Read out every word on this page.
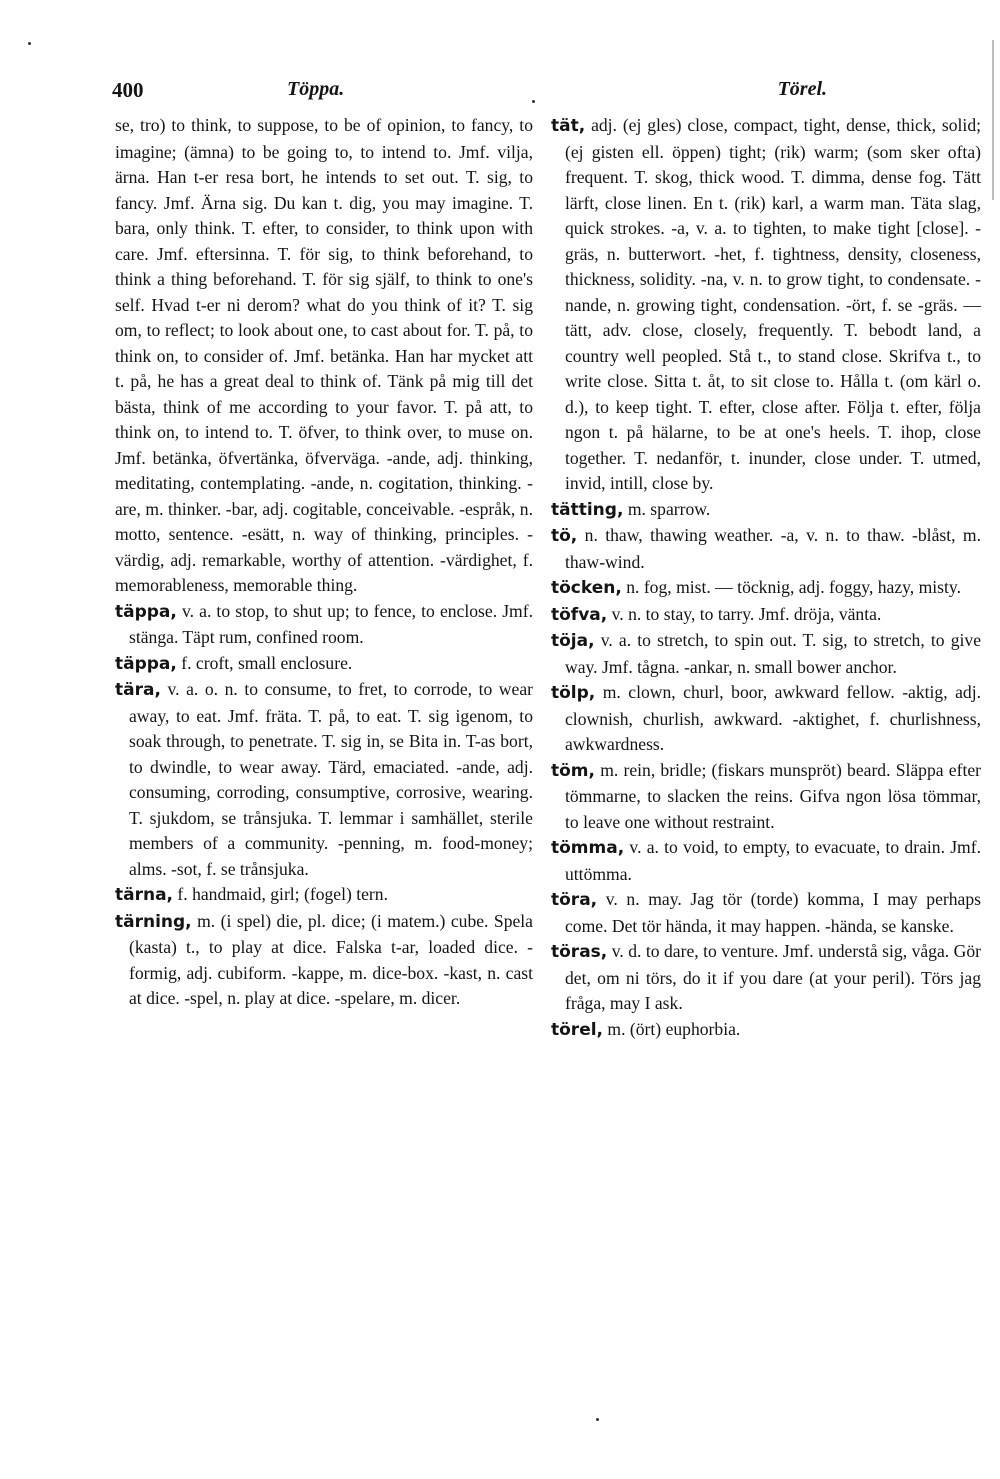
400	Töppa.	Törel.

se, tro) to think, to suppose, to be of opinion, to fancy, to imagine; (ämna) to be going to, to intend to. Jmf. vilja, ärna. Han t-er resa bort, he intends to set out. T. sig, to fancy. Jmf. Ärna sig. Du kan t. dig, you may imagine. T. bara, only think. T. efter, to consider, to think upon with care. Jmf. eftersinna. T. för sig, to think beforehand, to think a thing beforehand. T. för sig själf, to think to one's self. Hvad t-er ni derom? what do you think of it? T. sig om, to reflect; to look about one, to cast about for. T. på, to think on, to consider of. Jmf. betänka. Han har mycket att t. på, he has a great deal to think of. Tänk på mig till det bästa, think of me according to your favor. T. på att, to think on, to intend to. T. öfver, to think over, to muse on. Jmf. betänka, öfvertänka, öfverväga. -ande, adj. thinking, meditating, contemplating. -ande, n. cogitation, thinking. -are, m. thinker. -bar, adj. cogitable, conceivable. -espråk, n. motto, sentence. -esätt, n. way of thinking, principles. -värdig, adj. remarkable, worthy of attention. -värdighet, f. memorableness, memorable thing.

täppa, v. a. to stop, to shut up; to fence, to enclose. Jmf. stänga. Täpt rum, confined room.

täppa, f. croft, small enclosure.

tära, v. a. o. n. to consume, to fret, to corrode, to wear away, to eat. Jmf. fräta. T. på, to eat. T. sig igenom, to soak through, to penetrate. T. sig in, se Bita in. T-as bort, to dwindle, to wear away. Tärd, emaciated. -ande, adj. consuming, corroding, consumptive, corrosive, wearing. T. sjukdom, se trånsjuka. T. lemmar i samhället, sterile members of a community. -penning, m. food-money; alms. -sot, f. se trånsjuka.

tärna, f. handmaid, girl; (fogel) tern.

tärning, m. (i spel) die, pl. dice; (i matem.) cube. Spela (kasta) t., to play at dice. Falska t-ar, loaded dice. -formig, adj. cubiform. -kappe, m. dice-box. -kast, n. cast at dice. -spel, n. play at dice. -spelare, m. dicer.

tät, adj. (ej gles) close, compact, tight, dense, thick, solid; (ej gisten ell. öppen) tight; (rik) warm; (som sker ofta) frequent. T. skog, thick wood. T. dimma, dense fog. Tätt lärft, close linen. En t. (rik) karl, a warm man. Täta slag, quick strokes. -a, v. a. to tighten, to make tight [close]. -gräs, n. butterwort. -het, f. tightness, density, closeness, thickness, solidity. -na, v. n. to grow tight, to condensate. -nande, n. growing tight, condensation. -ört, f. se -gräs. — tätt, adv. close, closely, frequently. T. bebodt land, a country well peopled. Stå t., to stand close. Skrifva t., to write close. Sitta t. åt, to sit close to. Hålla t. (om kärl o. d.), to keep tight. T. efter, close after. Följa t. efter, följa ngon t. på hälarne, to be at one's heels. T. ihop, close together. T. nedanför, t. inunder, close under. T. utmed, invid, intill, close by.

tätting, m. sparrow.

tö, n. thaw, thawing weather. -a, v. n. to thaw. -blåst, m. thaw-wind.

töcken, n. fog, mist. — töcknig, adj. foggy, hazy, misty.

töfva, v. n. to stay, to tarry. Jmf. dröja, vänta.

töja, v. a. to stretch, to spin out. T. sig, to stretch, to give way. Jmf. tågna. -ankar, n. small bower anchor.

tölp, m. clown, churl, boor, awkward fellow. -aktig, adj. clownish, churlish, awkward. -aktighet, f. churlishness, awkwardness.

töm, m. rein, bridle; (fiskars munspröt) beard. Släppa efter tömmarne, to slacken the reins. Gifva ngon lösa tömmar, to leave one without restraint.

tömma, v. a. to void, to empty, to evacuate, to drain. Jmf. uttömma.

töra, v. n. may. Jag tör (torde) komma, I may perhaps come. Det tör hända, it may happen. -hända, se kanske.

töras, v. d. to dare, to venture. Jmf. understå sig, våga. Gör det, om ni törs, do it if you dare (at your peril). Törs jag fråga, may I ask.

törel, m. (ört) euphorbia.
